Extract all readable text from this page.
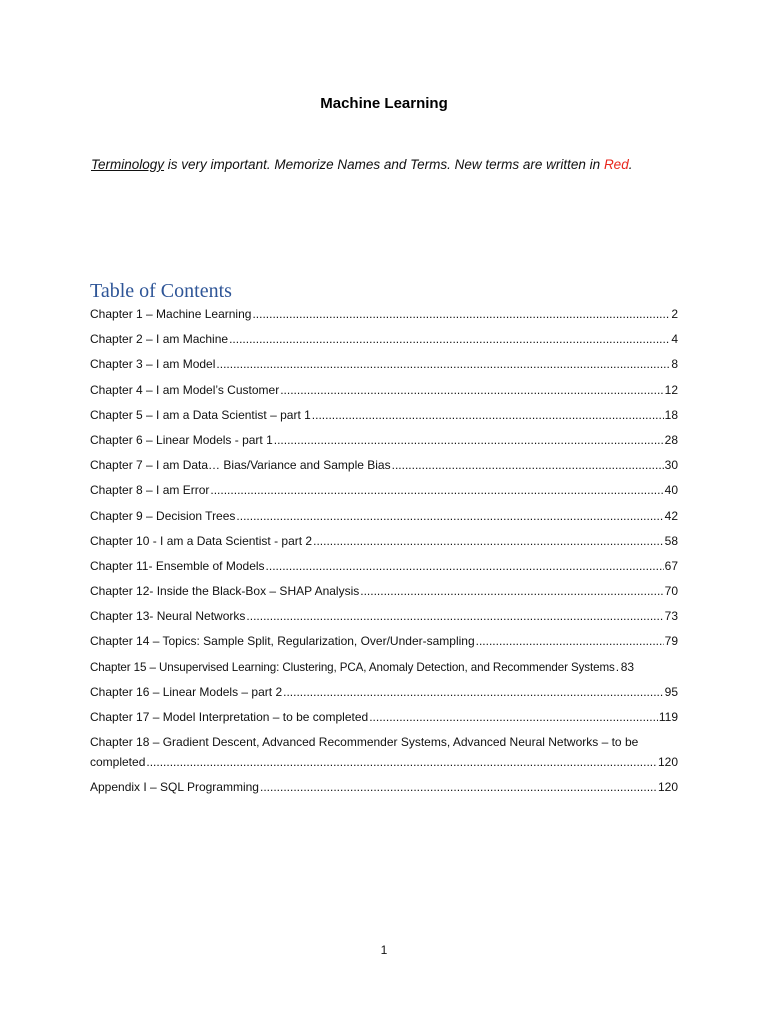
Machine Learning
Terminology is very important. Memorize Names and Terms. New terms are written in Red.
Table of Contents
Chapter 1 – Machine Learning .....	2
Chapter 2 – I am Machine .....	4
Chapter 3 – I am Model .....	8
Chapter 4 – I am Model’s Customer .....	12
Chapter 5 – I am a Data Scientist – part 1 .....	18
Chapter 6 – Linear Models - part 1 .....	28
Chapter 7 – I am Data… Bias/Variance and Sample Bias .....	30
Chapter 8 – I am Error .....	40
Chapter 9 – Decision Trees .....	42
Chapter 10 - I am a Data Scientist - part 2 .....	58
Chapter 11- Ensemble of Models .....	67
Chapter 12- Inside the Black-Box – SHAP Analysis .....	70
Chapter 13- Neural Networks .....	73
Chapter 14 – Topics: Sample Split, Regularization, Over/Under-sampling .....	79
Chapter 15 – Unsupervised Learning: Clustering, PCA, Anomaly Detection, and Recommender Systems ..... 83
Chapter 16 – Linear Models – part 2 .....	95
Chapter 17 – Model Interpretation – to be completed .....	119
Chapter 18 – Gradient Descent, Advanced Recommender Systems, Advanced Neural Networks – to be
completed .....	120
Appendix I – SQL Programming .....	120
1
